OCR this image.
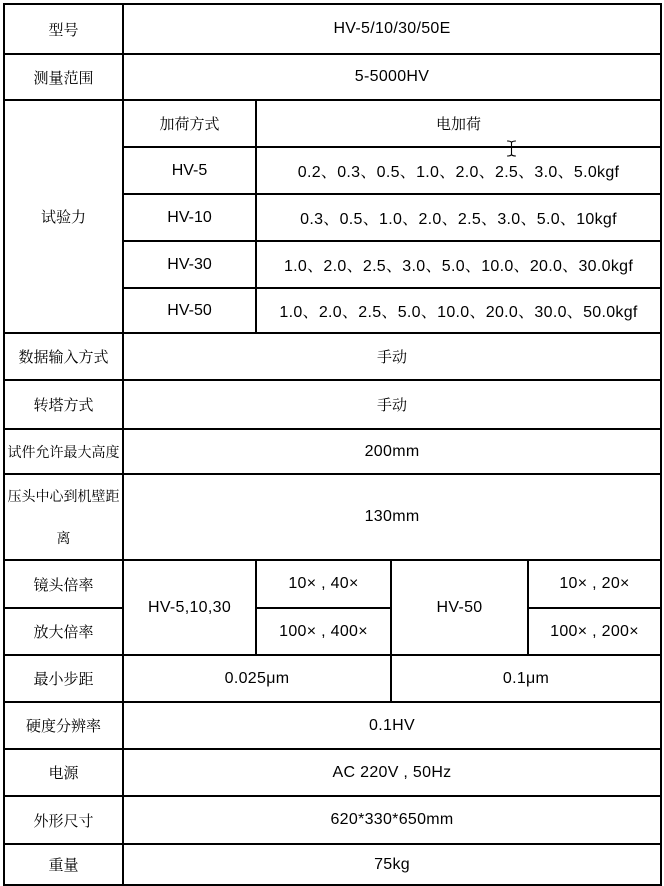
型号	HV-5/10/30/50E			
测量范围	5-5000HV			
试验力	加荷方式	电加荷		
	HV-5	0.2、0.3、0.5、1.0、2.0、2.5、3.0、5.0kgf		
	HV-10	0.3、0.5、1.0、2.0、2.5、3.0、5.0、10kgf		
	HV-30	1.0、2.0、2.5、3.0、5.0、10.0、20.0、30.0kgf		
	HV-50	1.0、2.0、2.5、5.0、10.0、20.0、30.0、50.0kgf		
数据输入方式	手动			
转塔方式	手动			
试件允许最大高度	200mm			
压头中心到机壁距离	130mm			
镜头倍率	HV-5,10,30	10× , 40×	HV-50	10× , 20×
放大倍率		100× , 400×		100× , 200×
最小步距	0.025μm		0.1μm	
硬度分辨率	0.1HV			
电源	AC 220V , 50Hz			
外形尺寸	620*330*650mm			
重量	75kg			
